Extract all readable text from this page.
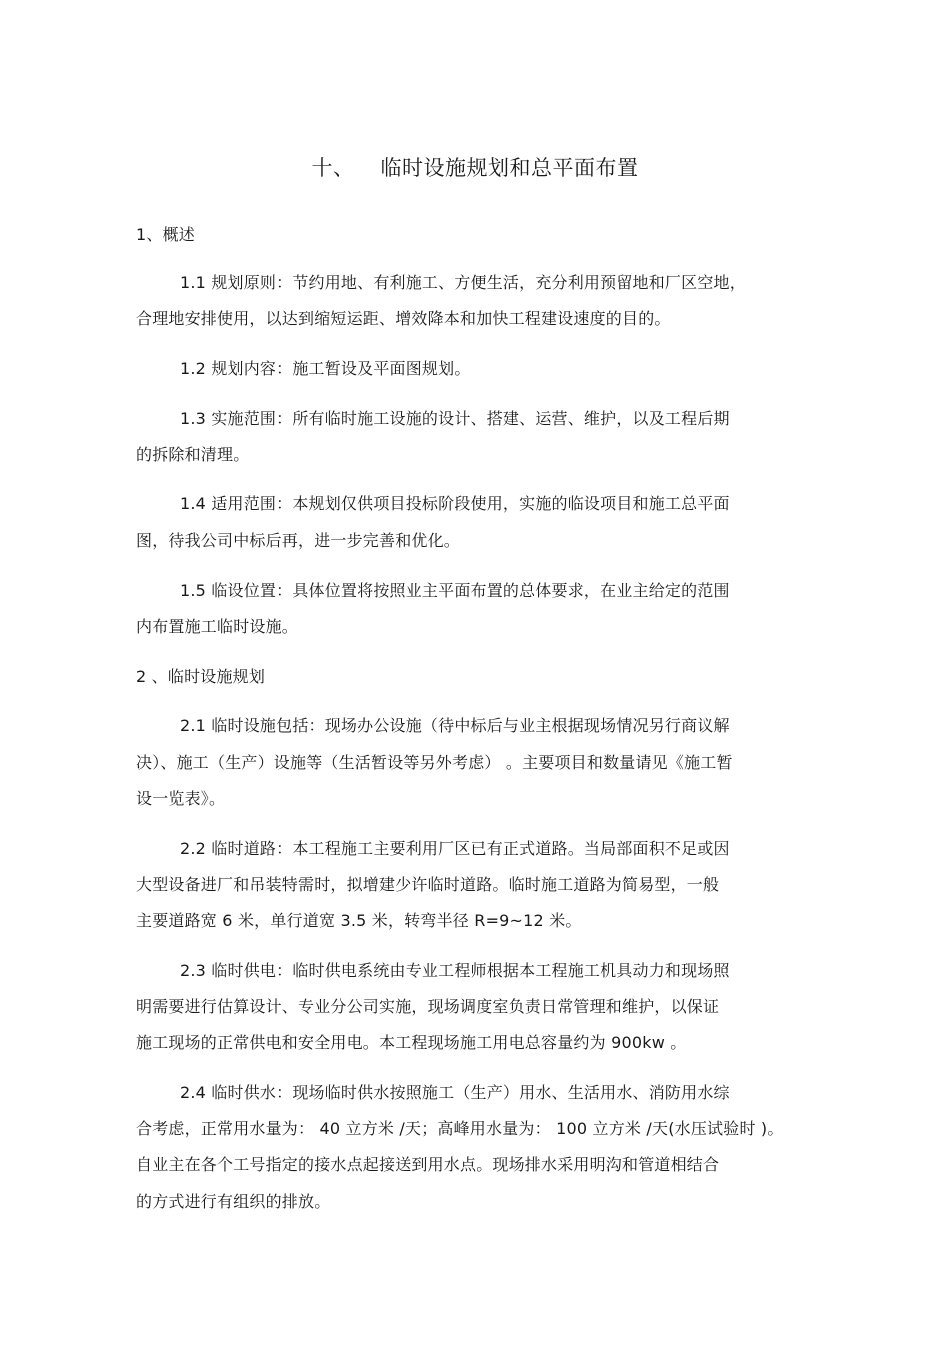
十、 临时设施规划和总平面布置
1、概述
1.1 规划原则：节约用地、有利施工、方便生活，充分利用预留地和厂区空地，
合理地安排使用，以达到缩短运距、增效降本和加快工程建设速度的目的。
1.2 规划内容：施工暂设及平面图规划。
1.3 实施范围：所有临时施工设施的设计、搭建、运营、维护，以及工程后期
的拆除和清理。
1.4 适用范围：本规划仅供项目投标阶段使用，实施的临设项目和施工总平面
图，待我公司中标后再，进一步完善和优化。
1.5 临设位置：具体位置将按照业主平面布置的总体要求，在业主给定的范围
内布置施工临时设施。
2 、临时设施规划
2.1 临时设施包括：现场办公设施（待中标后与业主根据现场情况另行商议解
决）、施工（生产）设施等（生活暂设等另外考虑） 。主要项目和数量请见《施工暂
设一览表》。
2.2 临时道路：本工程施工主要利用厂区已有正式道路。当局部面积不足或因
大型设备进厂和吊装特需时，拟增建少许临时道路。临时施工道路为简易型，一般
主要道路宽 6 米，单行道宽 3.5 米，转弯半径 R=9~12 米。
2.3 临时供电：临时供电系统由专业工程师根据本工程施工机具动力和现场照
明需要进行估算设计、专业分公司实施，现场调度室负责日常管理和维护，以保证
施工现场的正常供电和安全用电。本工程现场施工用电总容量约为 900kw 。
2.4 临时供水：现场临时供水按照施工（生产）用水、生活用水、消防用水综
合考虑，正常用水量为： 40 立方米 /天；高峰用水量为： 100 立方米 /天(水压试验时 )。
自业主在各个工号指定的接水点起接送到用水点。现场排水采用明沟和管道相结合
的方式进行有组织的排放。
